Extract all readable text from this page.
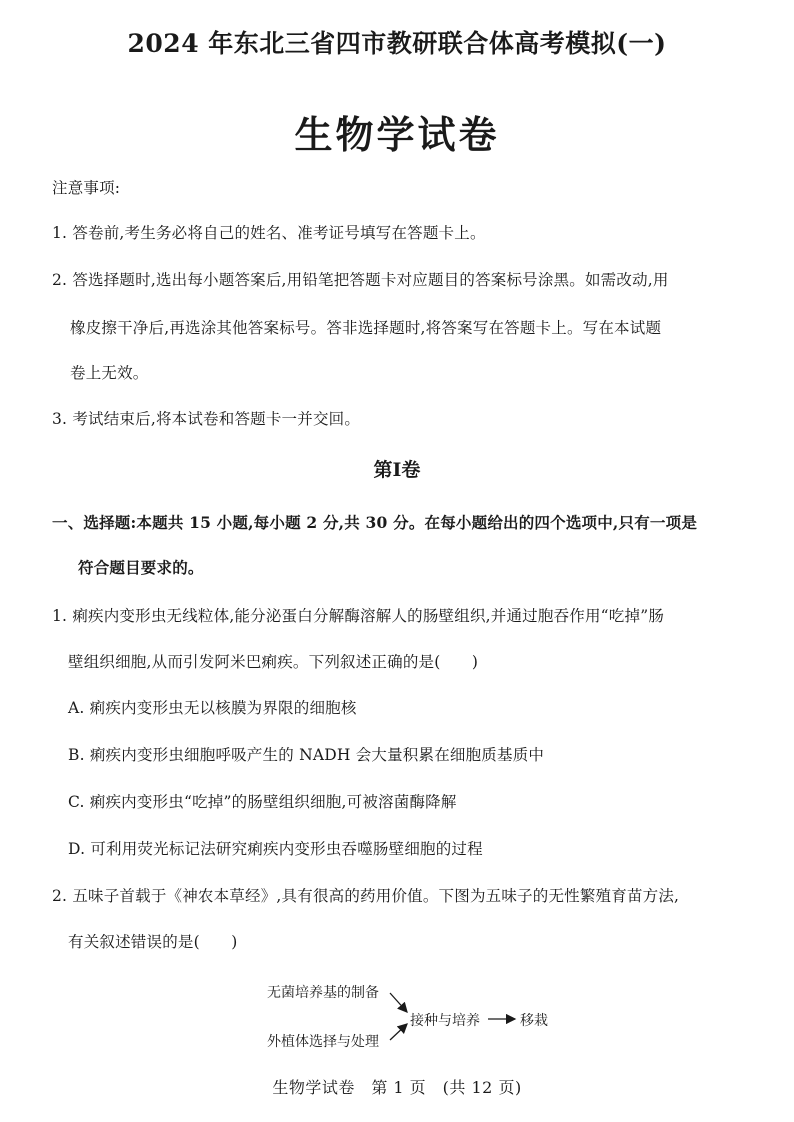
2024 年东北三省四市教研联合体高考模拟(一)
生物学试卷
注意事项:
1. 答卷前,考生务必将自己的姓名、准考证号填写在答题卡上。
2. 答选择题时,选出每小题答案后,用铅笔把答题卡对应题目的答案标号涂黑。如需改动,用
橡皮擦干净后,再选涂其他答案标号。答非选择题时,将答案写在答题卡上。写在本试题
卷上无效。
3. 考试结束后,将本试卷和答题卡一并交回。
第Ⅰ卷
一、选择题:本题共 15 小题,每小题 2 分,共 30 分。在每小题给出的四个选项中,只有一项是
符合题目要求的。
1. 痢疾内变形虫无线粒体,能分泌蛋白分解酶溶解人的肠壁组织,并通过胞吞作用“吃掉”肠
壁组织细胞,从而引发阿米巴痢疾。下列叙述正确的是(　　)
A. 痢疾内变形虫无以核膜为界限的细胞核
B. 痢疾内变形虫细胞呼吸产生的 NADH 会大量积累在细胞质基质中
C. 痢疾内变形虫“吃掉”的肠壁组织细胞,可被溶菌酶降解
D. 可利用荧光标记法研究痢疾内变形虫吞噬肠壁细胞的过程
2. 五味子首载于《神农本草经》,具有很高的药用价值。下图为五味子的无性繁殖育苗方法,
有关叙述错误的是(　　)
无菌培养基的制备
外植体选择与处理
接种与培养	移栽
生物学试卷　第 1 页　(共 12 页)
